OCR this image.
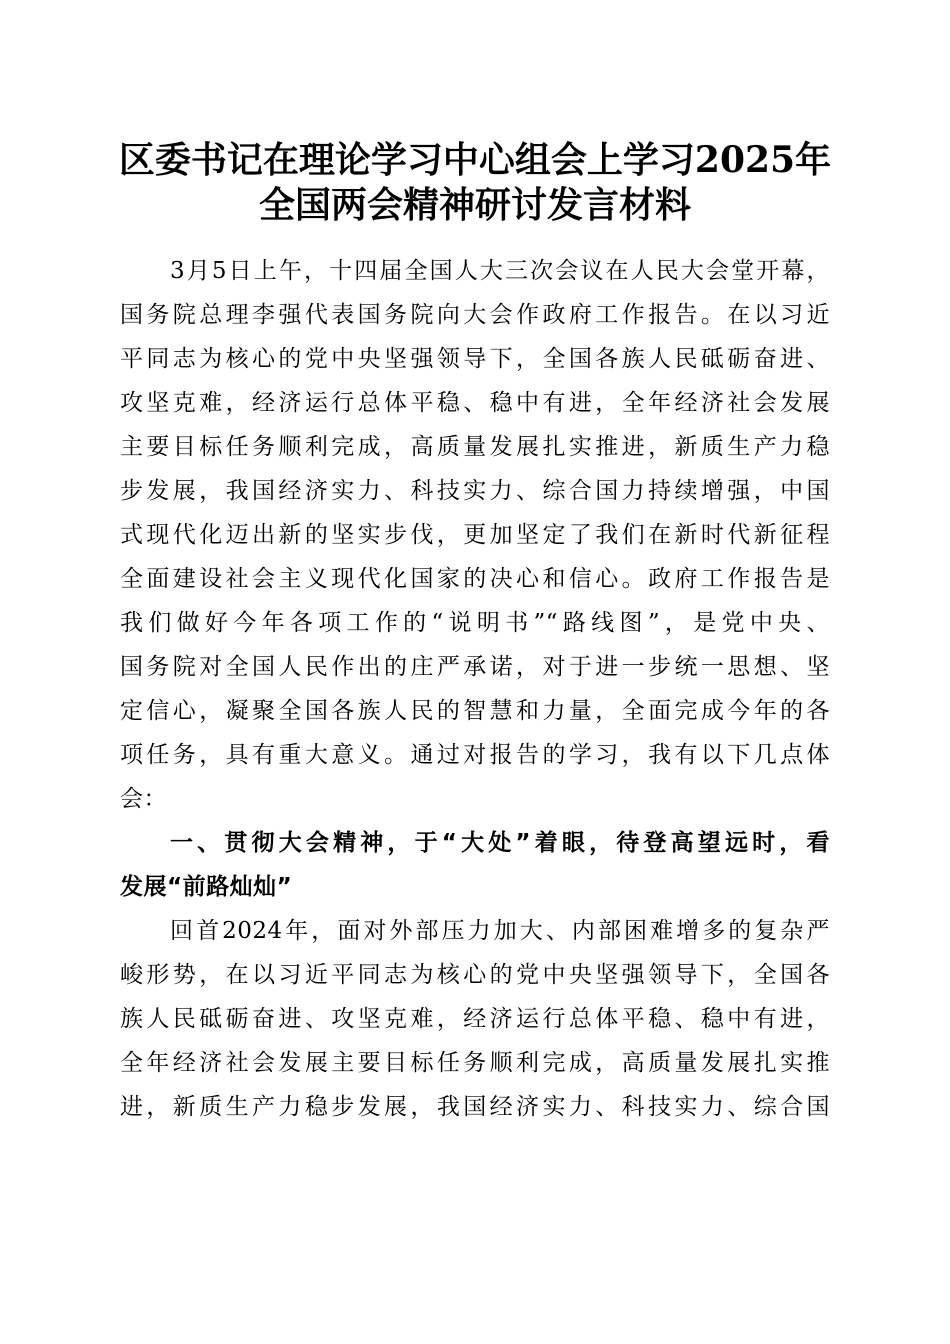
区委书记在理论学习中心组会上学习2025年
全国两会精神研讨发言材料

3月5日上午，十四届全国人大三次会议在人民大会堂开幕，

国务院总理李强代表国务院向大会作政府工作报告。在以习近

平同志为核心的党中央坚强领导下，全国各族人民砥砺奋进、

攻坚克难，经济运行总体平稳、稳中有进，全年经济社会发展

主要目标任务顺利完成，高质量发展扎实推进，新质生产力稳

步发展，我国经济实力、科技实力、综合国力持续增强，中国

式现代化迈出新的坚实步伐，更加坚定了我们在新时代新征程

全面建设社会主义现代化国家的决心和信心。政府工作报告是

我们做好今年各项工作的“说明书”“路线图”，是党中央、

国务院对全国人民作出的庄严承诺，对于进一步统一思想、坚

定信心，凝聚全国各族人民的智慧和力量，全面完成今年的各

项任务，具有重大意义。通过对报告的学习，我有以下几点体

会：

一、贯彻大会精神，于“大处”着眼，待登高望远时，看

发展“前路灿灿”

回首2024年，面对外部压力加大、内部困难增多的复杂严

峻形势，在以习近平同志为核心的党中央坚强领导下，全国各

族人民砥砺奋进、攻坚克难，经济运行总体平稳、稳中有进，

全年经济社会发展主要目标任务顺利完成，高质量发展扎实推

进，新质生产力稳步发展，我国经济实力、科技实力、综合国
